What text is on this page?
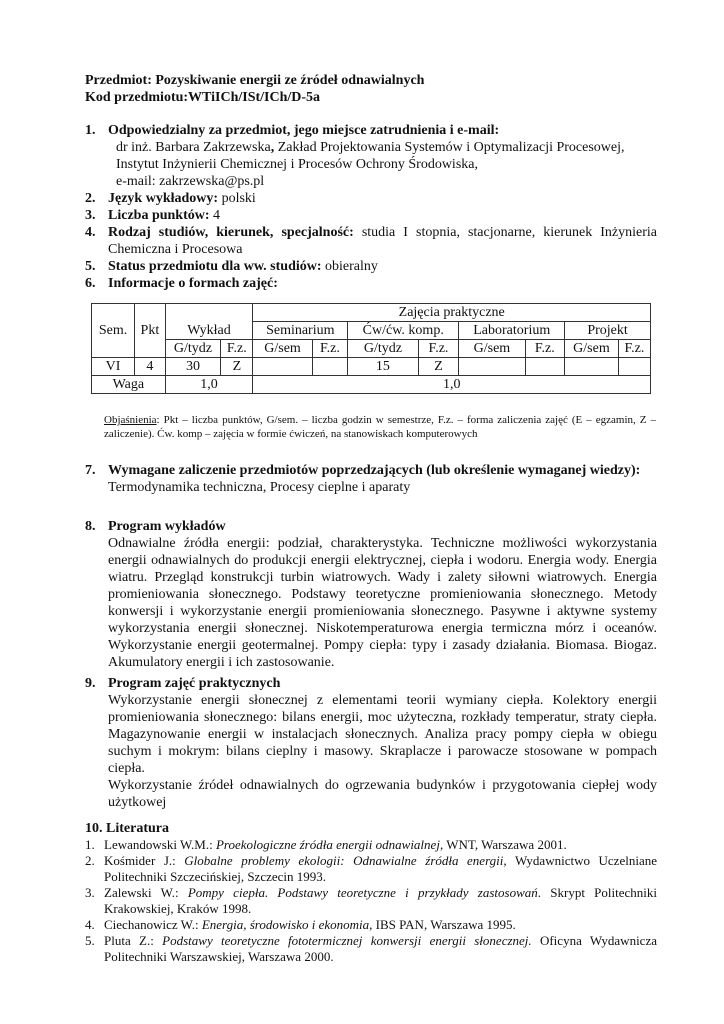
Przedmiot: Pozyskiwanie energii ze źródeł odnawialnych
Kod przedmiotu:WTiICh/ISt/ICh/D-5a
1. Odpowiedzialny za przedmiot, jego miejsce zatrudnienia i e-mail:
dr inż. Barbara Zakrzewska, Zakład Projektowania Systemów i Optymalizacji Procesowej,
Instytut Inżynierii Chemicznej i Procesów Ochrony Środowiska,
e-mail: zakrzewska@ps.pl
2. Język wykładowy: polski
3. Liczba punktów: 4
4. Rodzaj studiów, kierunek, specjalność: studia I stopnia, stacjonarne, kierunek Inżynieria Chemiczna i Procesowa
5. Status przedmiotu dla ww. studiów: obieralny
6. Informacje o formach zajęć:
Sem.	Pkt	Wykład		Zajęcia praktyczne							
				Seminarium		Ćw/ćw. komp.		Laboratorium		Projekt	
		G/tydz	F.z.	G/sem	F.z.	G/tydz	F.z.	G/sem	F.z.	G/sem	F.z.
VI	4	30	Z			15	Z				
Waga		1,0		1,0							
Objaśnienia: Pkt – liczba punktów, G/sem. – liczba godzin w semestrze, F.z. – forma zaliczenia zajęć (E – egzamin, Z – zaliczenie). Ćw. komp – zajęcia w formie ćwiczeń, na stanowiskach komputerowych
7. Wymagane zaliczenie przedmiotów poprzedzających (lub określenie wymaganej wiedzy):
Termodynamika techniczna, Procesy cieplne i aparaty
8. Program wykładów
Odnawialne źródła energii: podział, charakterystyka. Techniczne możliwości wykorzystania energii odnawialnych do produkcji energii elektrycznej, ciepła i wodoru. Energia wody. Energia wiatru. Przegląd konstrukcji turbin wiatrowych. Wady i zalety siłowni wiatrowych. Energia promieniowania słonecznego. Podstawy teoretyczne promieniowania słonecznego. Metody konwersji i wykorzystanie energii promieniowania słonecznego. Pasywne i aktywne systemy wykorzystania energii słonecznej. Niskotemperaturowa energia termiczna mórz i oceanów. Wykorzystanie energii geotermalnej. Pompy ciepła: typy i zasady działania. Biomasa. Biogaz. Akumulatory energii i ich zastosowanie.
9. Program zajęć praktycznych
Wykorzystanie energii słonecznej z elementami teorii wymiany ciepła. Kolektory energii promieniowania słonecznego: bilans energii, moc użyteczna, rozkłady temperatur, straty ciepła. Magazynowanie energii w instalacjach słonecznych. Analiza pracy pompy ciepła w obiegu suchym i mokrym: bilans cieplny i masowy. Skraplacze i parowacze stosowane w pompach ciepła.
Wykorzystanie źródeł odnawialnych do ogrzewania budynków i przygotowania ciepłej wody użytkowej
10. Literatura
1. Lewandowski W.M.: Proekologiczne źródła energii odnawialnej, WNT, Warszawa 2001.
2. Kośmider J.: Globalne problemy ekologii: Odnawialne źródła energii, Wydawnictwo Uczelniane Politechniki Szczecińskiej, Szczecin 1993.
3. Zalewski W.: Pompy ciepła. Podstawy teoretyczne i przykłady zastosowań. Skrypt Politechniki Krakowskiej, Kraków 1998.
4. Ciechanowicz W.: Energia, środowisko i ekonomia, IBS PAN, Warszawa 1995.
5. Pluta Z.: Podstawy teoretyczne fototermicznej konwersji energii słonecznej. Oficyna Wydawnicza Politechniki Warszawskiej, Warszawa 2000.
